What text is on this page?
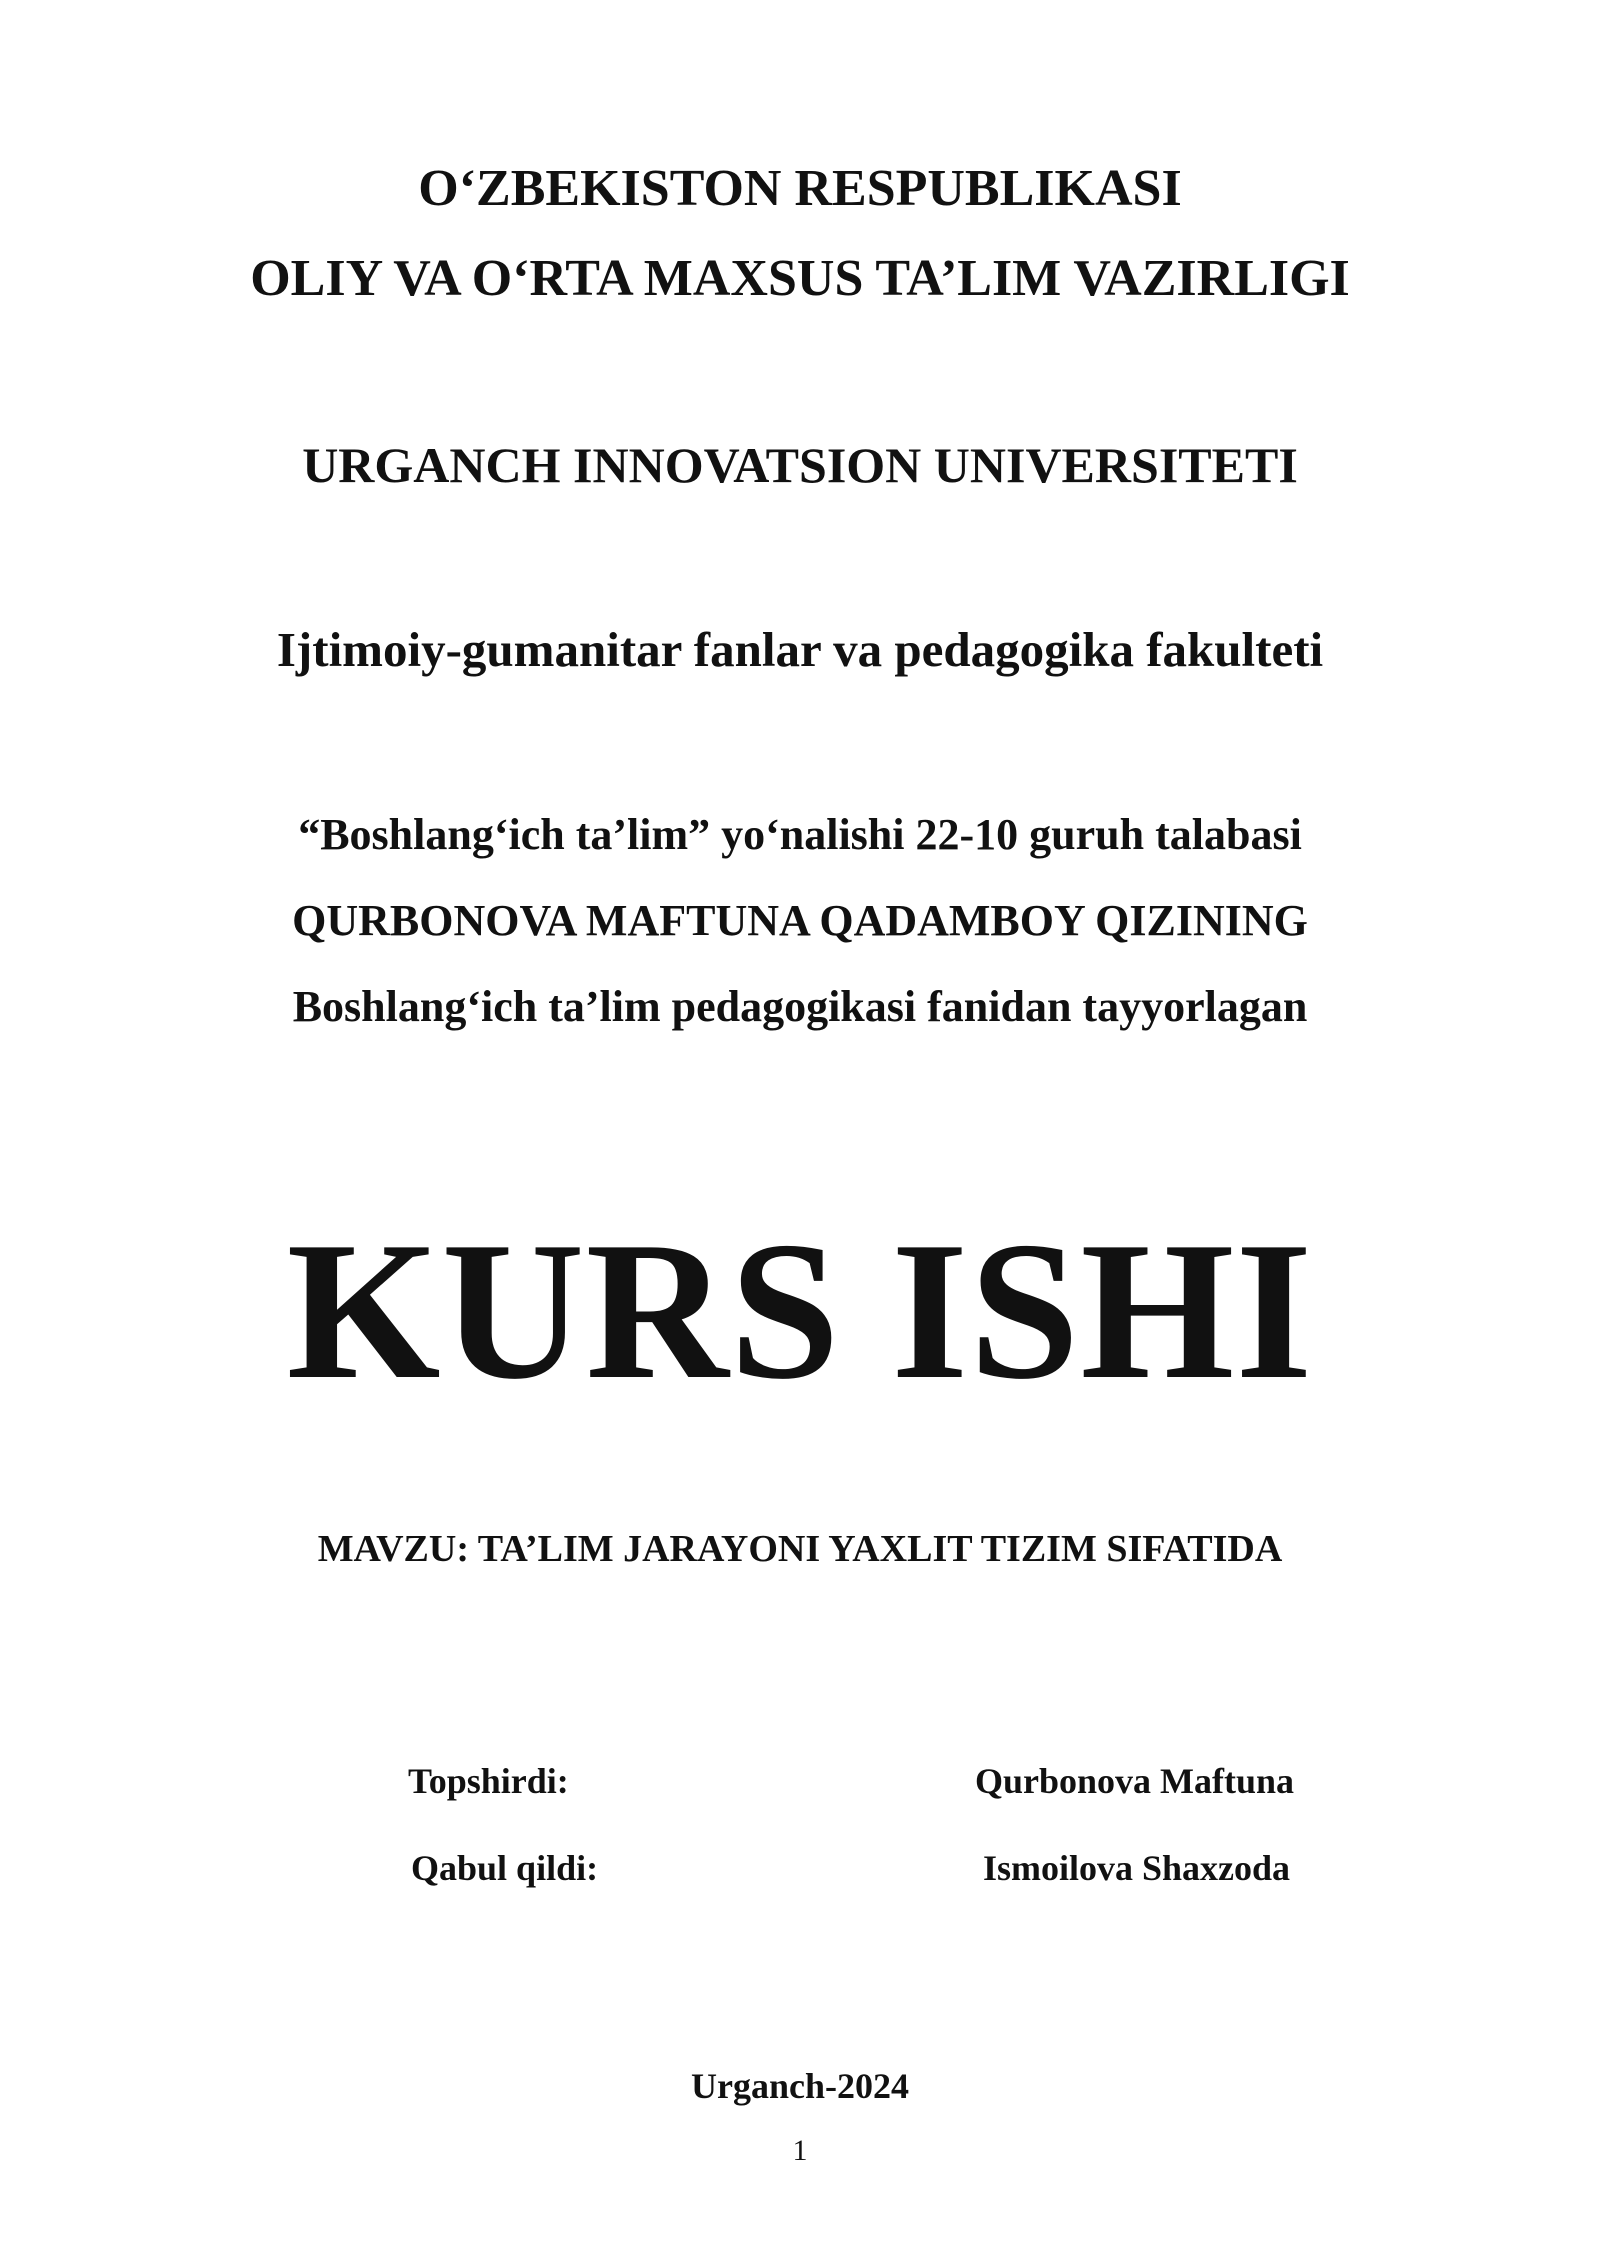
O‘ZBEKISTON RESPUBLIKASI
OLIY VA O‘RTA MAXSUS TA’LIM VAZIRLIGI
URGANCH INNOVATSION UNIVERSITETI
Ijtimoiy-gumanitar fanlar va pedagogika fakulteti
“Boshlang‘ich ta’lim” yo‘nalishi 22-10 guruh talabasi
QURBONOVA MAFTUNA QADAMBOY QIZINING
Boshlang‘ich ta’lim pedagogikasi fanidan tayyorlagan
KURS ISHI
MAVZU: TA’LIM JARAYONI YAXLIT TIZIM SIFATIDA
Topshirdi:	Qurbonova Maftuna
Qabul qildi:	Ismoilova Shaxzoda
Urganch-2024
1
